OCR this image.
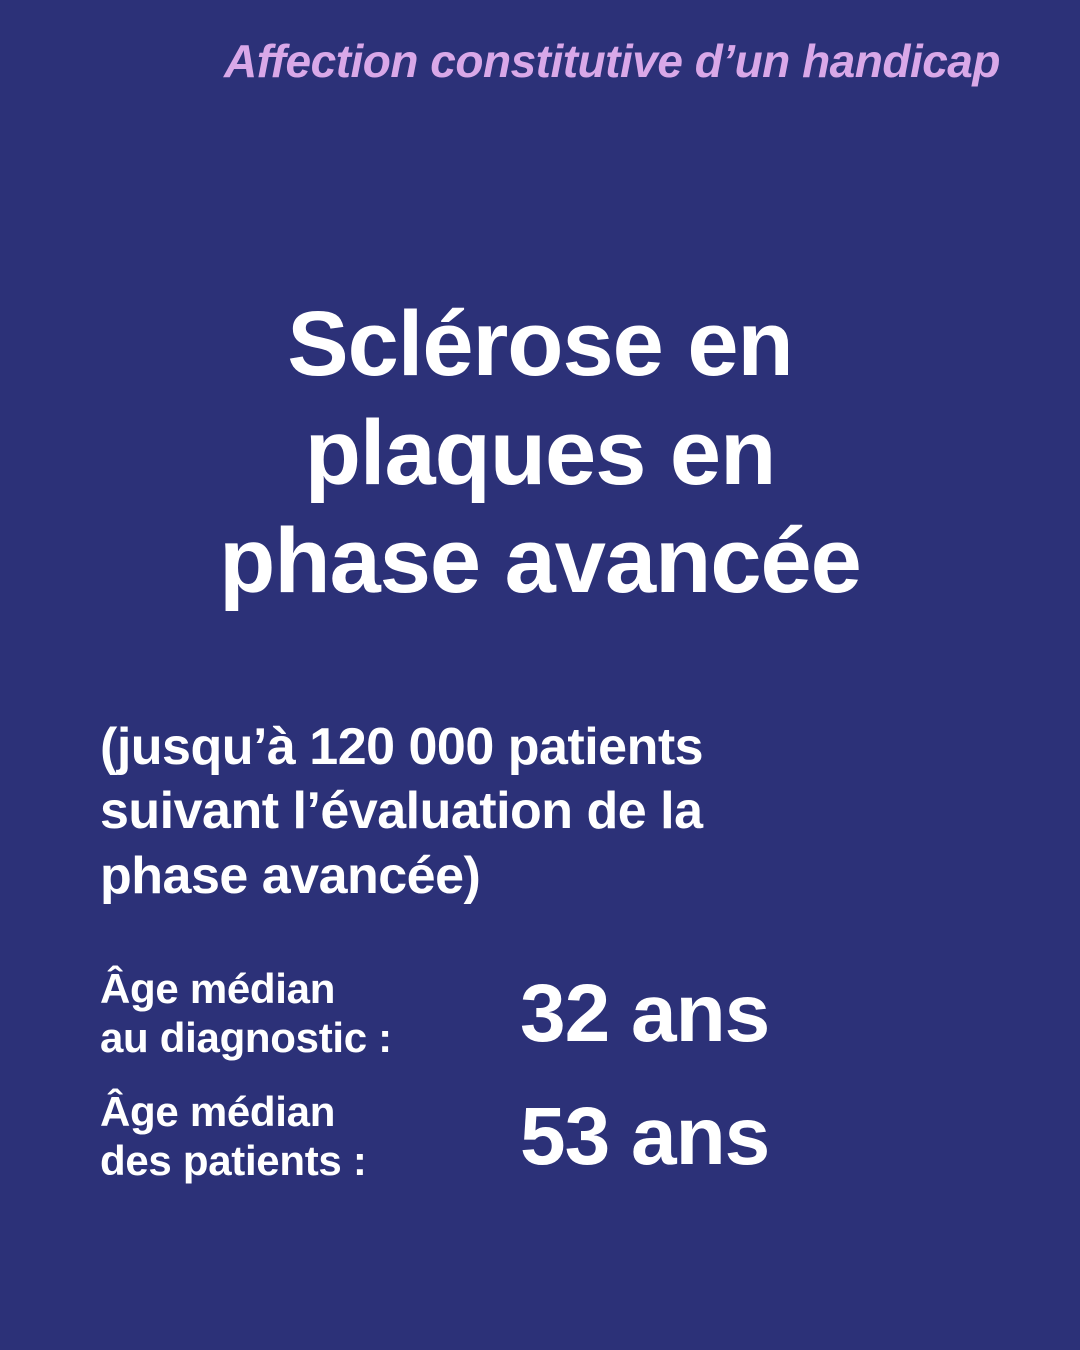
Affection constitutive d’un handicap
Sclérose en
plaques en
phase avancée
(jusqu’à 120 000 patients
suivant l’évaluation de la
phase avancée)
Âge médian
au diagnostic :	32 ans
Âge médian
des patients :	53 ans
